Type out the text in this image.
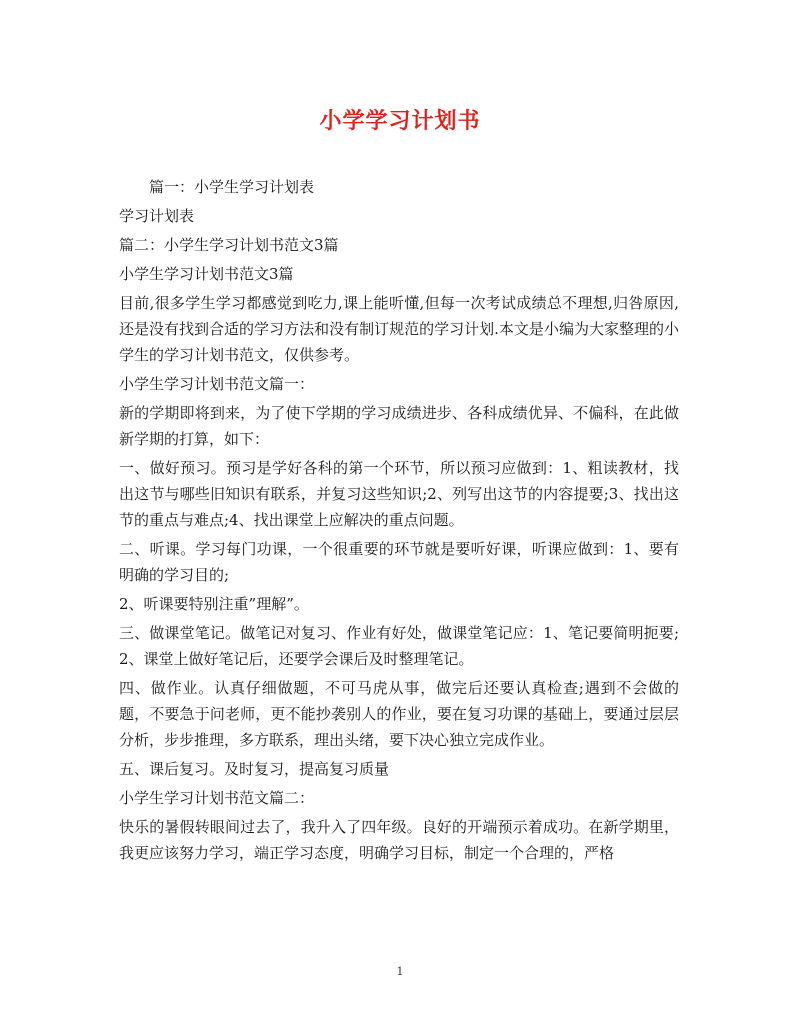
小学学习计划书

篇一：小学生学习计划表

学习计划表

篇二：小学生学习计划书范文3篇

小学生学习计划书范文3篇

目前,很多学生学习都感觉到吃力,课上能听懂,但每一次考试成绩总不理想,归咎原因,还是没有找到合适的学习方法和没有制订规范的学习计划.本文是小编为大家整理的小学生的学习计划书范文，仅供参考。

小学生学习计划书范文篇一：

新的学期即将到来，为了使下学期的学习成绩进步、各科成绩优异、不偏科，在此做新学期的打算，如下：

一、做好预习。预习是学好各科的第一个环节，所以预习应做到：1、粗读教材，找出这节与哪些旧知识有联系，并复习这些知识;2、列写出这节的内容提要;3、找出这节的重点与难点;4、找出课堂上应解决的重点问题。

二、听课。学习每门功课，一个很重要的环节就是要听好课，听课应做到：1、要有明确的学习目的;

2、听课要特别注重”理解”。

三、做课堂笔记。做笔记对复习、作业有好处，做课堂笔记应：1、笔记要简明扼要;2、课堂上做好笔记后，还要学会课后及时整理笔记。

四、做作业。认真仔细做题，不可马虎从事，做完后还要认真检查;遇到不会做的题，不要急于问老师，更不能抄袭别人的作业，要在复习功课的基础上，要通过层层分析，步步推理，多方联系，理出头绪，要下决心独立完成作业。

五、课后复习。及时复习，提高复习质量

小学生学习计划书范文篇二：

快乐的暑假转眼间过去了，我升入了四年级。良好的开端预示着成功。在新学期里，我更应该努力学习，端正学习态度，明确学习目标，制定一个合理的，严格

1
